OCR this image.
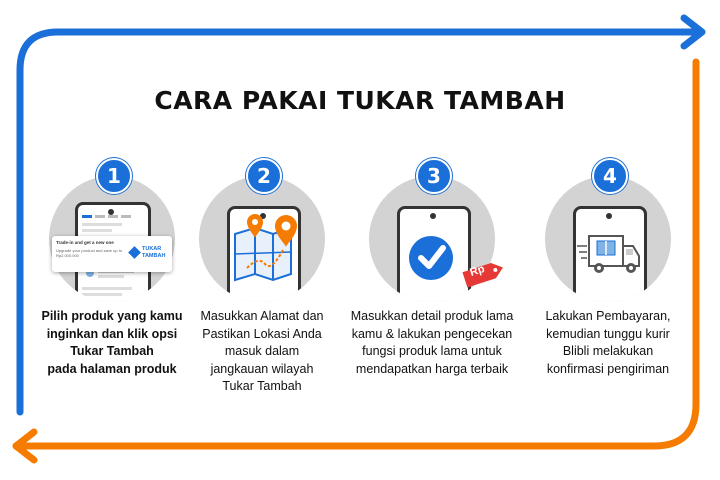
CARA PAKAI TUKAR TAMBAH
1
Trade-in and get a new one
Upgrade your product and save up to Rp2.000.000
TUKAR TAMBAH

Pilih produk yang kamu
inginkan dan klik opsi
Tukar Tambah
pada halaman produk

2

Masukkan Alamat dan
Pastikan Lokasi Anda
masuk dalam
jangkauan wilayah
Tukar Tambah

3
Rp

Masukkan detail produk lama
kamu & lakukan pengecekan
fungsi produk lama untuk
mendapatkan harga terbaik

4

Lakukan Pembayaran,
kemudian tunggu kurir
Blibli melakukan
konfirmasi pengiriman
